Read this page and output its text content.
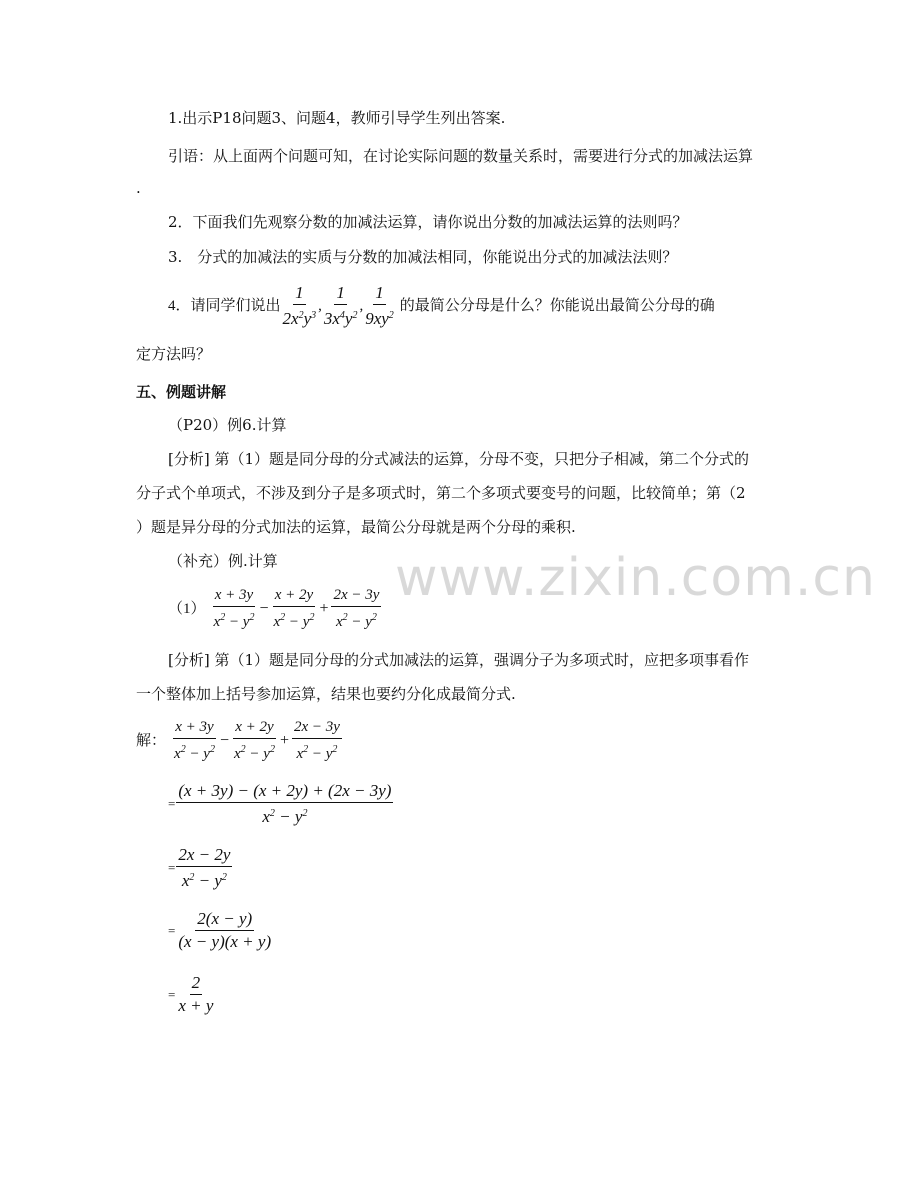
1.出示P18问题3、问题4，教师引导学生列出答案.
引语：从上面两个问题可知，在讨论实际问题的数量关系时，需要进行分式的加减法运算
.
2．下面我们先观察分数的加减法运算，请你说出分数的加减法运算的法则吗？
3.　分式的加减法的实质与分数的加减法相同，你能说出分式的加减法法则？
4．请同学们说出 $\frac{1}{2x^2y^3}$ , $\frac{1}{3x^4y^2}$ , $\frac{1}{9xy^2}$ 的最简公分母是什么？你能说出最简公分母的确
定方法吗？
五、例题讲解
（P20）例6.计算
[分析] 第（1）题是同分母的分式减法的运算，分母不变，只把分子相减，第二个分式的
分子式个单项式，不涉及到分子是多项式时，第二个多项式要变号的问题，比较简单；第（2
）题是异分母的分式加法的运算，最简公分母就是两个分母的乘积.
（补充）例.计算
$(1) \frac{x + 3y}{x^2 - y^2} - \frac{x + 2y}{x^2 - y^2} + \frac{2x - 3y}{x^2 - y^2}$
[分析] 第（1）题是同分母的分式加减法的运算，强调分子为多项式时，应把多项事看作
一个整体加上括号参加运算，结果也要约分化成最简分式.
解： $\frac{x + 3y}{x^2 - y^2} - \frac{x + 2y}{x^2 - y^2} + \frac{2x - 3y}{x^2 - y^2}$
= $\frac{(x + 3y) - (x + 2y) + (2x - 3y)}{x^2 - y^2}$
= $\frac{2x - 2y}{x^2 - y^2}$
= $\frac{2(x - y)}{(x - y)(x + y)}$
= $\frac{2}{x + y}$
www.zixin.com.cn
